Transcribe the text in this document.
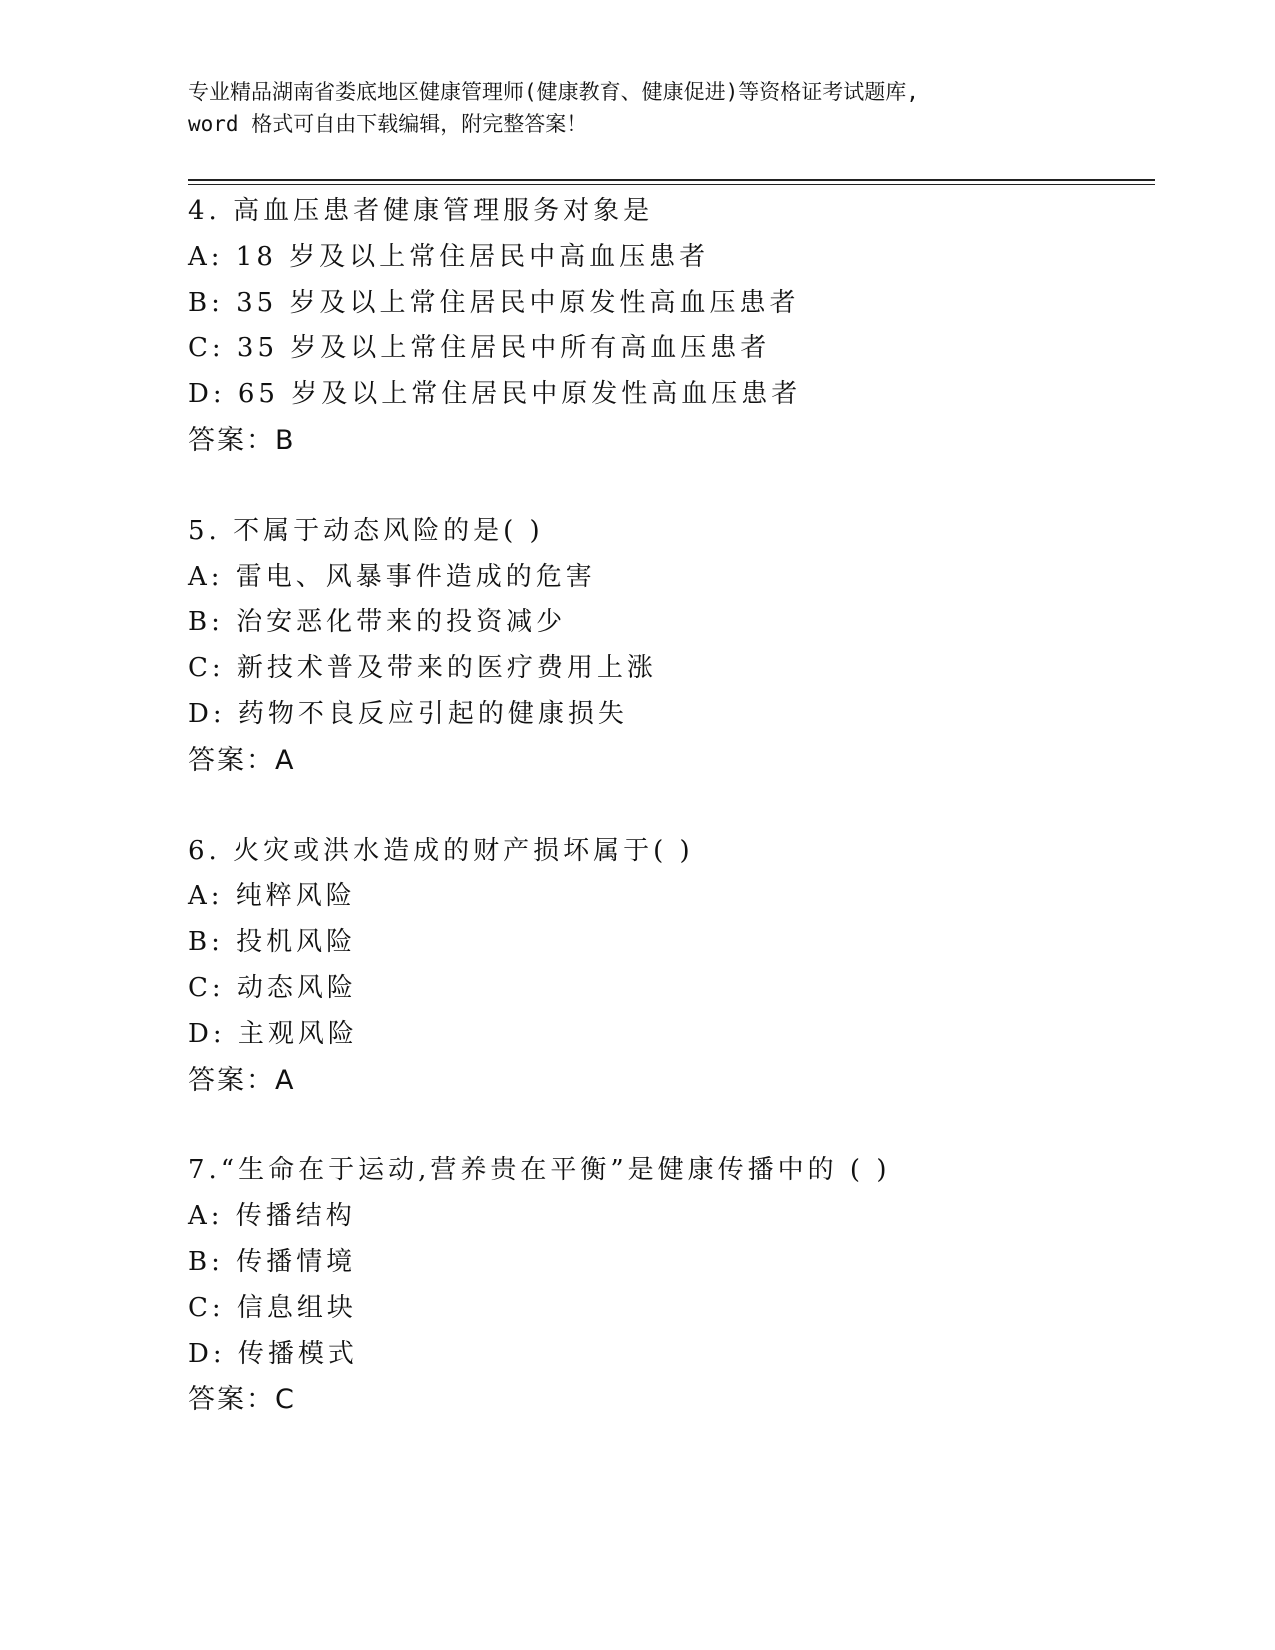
专业精品湖南省娄底地区健康管理师(健康教育、健康促进)等资格证考试题库,
word 格式可自由下载编辑，附完整答案！
4. 高血压患者健康管理服务对象是
A: 18 岁及以上常住居民中高血压患者
B: 35 岁及以上常住居民中原发性高血压患者
C: 35 岁及以上常住居民中所有高血压患者
D: 65 岁及以上常住居民中原发性高血压患者
答案：B
5. 不属于动态风险的是( )
A: 雷电、风暴事件造成的危害
B: 治安恶化带来的投资减少
C: 新技术普及带来的医疗费用上涨
D: 药物不良反应引起的健康损失
答案：A
6. 火灾或洪水造成的财产损坏属于( )
A: 纯粹风险
B: 投机风险
C: 动态风险
D: 主观风险
答案：A
7.“生命在于运动,营养贵在平衡”是健康传播中的 ( )
A: 传播结构
B: 传播情境
C: 信息组块
D: 传播模式
答案：C
